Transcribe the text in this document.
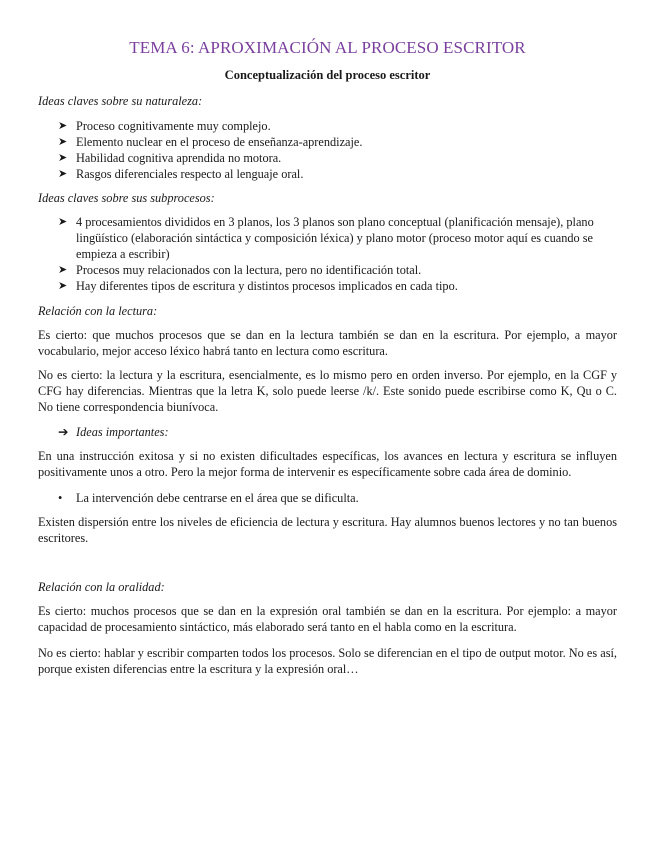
TEMA 6: APROXIMACIÓN AL PROCESO ESCRITOR
Conceptualización del proceso escritor
Ideas claves sobre su naturaleza:
➤ Proceso cognitivamente muy complejo.
➤ Elemento nuclear en el proceso de enseñanza-aprendizaje.
➤ Habilidad cognitiva aprendida no motora.
➤ Rasgos diferenciales respecto al lenguaje oral.
Ideas claves sobre sus subprocesos:
➤ 4 procesamientos divididos en 3 planos, los 3 planos son plano conceptual (planificación mensaje), plano lingüístico (elaboración sintáctica y composición léxica) y plano motor (proceso motor aquí es cuando se empieza a escribir)
➤ Procesos muy relacionados con la lectura, pero no identificación total.
➤ Hay diferentes tipos de escritura y distintos procesos implicados en cada tipo.
Relación con la lectura:
Es cierto: que muchos procesos que se dan en la lectura también se dan en la escritura. Por ejemplo, a mayor vocabulario, mejor acceso léxico habrá tanto en lectura como escritura.
No es cierto: la lectura y la escritura, esencialmente, es lo mismo pero en orden inverso. Por ejemplo, en la CGF y CFG hay diferencias. Mientras que la letra K, solo puede leerse /k/. Este sonido puede escribirse como K, Qu o C. No tiene correspondencia biunívoca.
➔ Ideas importantes:
En una instrucción exitosa y si no existen dificultades específicas, los avances en lectura y escritura se influyen positivamente unos a otro. Pero la mejor forma de intervenir es específicamente sobre cada área de dominio.
• La intervención debe centrarse en el área que se dificulta.
Existen dispersión entre los niveles de eficiencia de lectura y escritura. Hay alumnos buenos lectores y no tan buenos escritores.
Relación con la oralidad:
Es cierto: muchos procesos que se dan en la expresión oral también se dan en la escritura. Por ejemplo: a mayor capacidad de procesamiento sintáctico, más elaborado será tanto en el habla como en la escritura.
No es cierto: hablar y escribir comparten todos los procesos. Solo se diferencian en el tipo de output motor. No es así, porque existen diferencias entre la escritura y la expresión oral…
